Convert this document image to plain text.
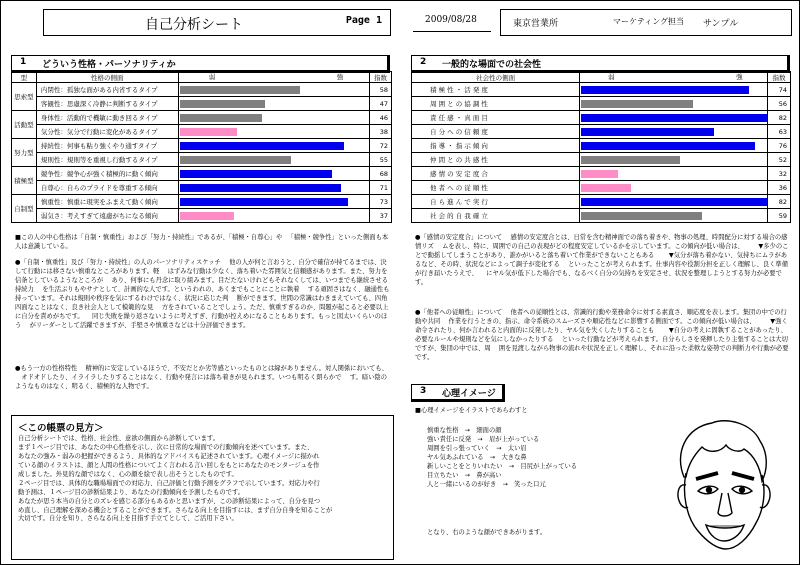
自己分析シート	Page 1	2009/08/28	東京営業所	マーケティング担当 サンプル
1 どういう性格・パーソナリティか
型	性格の側面	弱 強	指数
思索型	内閉性：孤独な面がある内省するタイプ		58
	客観性：思慮深く冷静に判断するタイプ		47
活動型	身体性：活動的で機敏に動き回るタイプ		46
	気分性：気分で行動に変化があるタイプ		38
努力型	持続性：何事も粘り強くやり通すタイプ		72
	規則性：規則等を重視し行動するタイプ		55
積極型	競争性：競争心が強く積極的に動く傾向		68
	自尊心：自らのプライドを尊重する傾向		71
自制型	慎重性：慎重に現実をふまえて動く傾向		73
	弱気さ：考えすぎて遠慮がちになる傾向		37
■この人の中心性格は「自制・慎重性」および「努力・持続性」であるが、「積極・自尊心」や 　「積極・競争性」といった側面も本人は意識している。
●「自制・慎重性」及び「努力・持続性」の人のパーソナリティスケッチ 　他の人が何と言おうと、自分で確信が持てるまでは、決して行動には移さない慎重なところがあります。軽 　はずみな行動は少なく、落ち着いた雰囲気と信頼感があります。また、努力を信条としているようなところが 　あり、何事にも丹念に取り組みます。目だたないけれどもそれなくしては、いつまでも継続させる持続力 　を生活ぶりもやサナとして、計画的な人です。というわれの、あくまでもことにことに執着 　する頑固さはなく、融通性も持っています。それは規則や秩序を気にするわけではなく、状況に応じた判 　断ができます。世間の常識はわきまえていても、四角四面なことはなく、良き社会人として模範的な見 　方をされていることでしょう。ただ、慎重すぎるのか、問題が起こると必要以上に自分を責めがちです。 　同じ失敗を繰り返さないように考えすぎ、行動が控えめになることもあります。もっと図太いくらいのほう 　がリーダーとして活躍できますが、手堅さや慎重さなどは十分評価できます。
●もう一方の性格特性 　精神的に安定しているほうで、不安だとか劣等感といったものとは縁がありません。対人関係においても、 　オドオドしたり、イライラしたりすることはなく、行動や発言には落ち着きが見られます。いつも明るく朗らかで 　す。暗い陰のようなものはなく、明るく、積極的な人物です。
＜この帳票の見方＞
自己分析シートでは、性格、社会性、意欲の側面から診断しています。
まず１ページ目では、あなたの中心性格を示し、次に日常的な場面での行動傾向を述べています。また、
あなたの強み・弱みの把握ができるよう、具体的なアドバイスも記述されています。心理イメージに描かれ
ている顔のイラストは、顔と人間の性格についてよく言われる言い回しをもとにあなたのモンタージュを作
成しました。外見的な顔ではなく、心の顔を絵で表し出そうとしたものです。
２ページ目では、具体的な職場場面での対応力、自己評価と行動予測をグラフで示しています。対応力や行
動予測は、１ページ目の診断結果より、あなたの行動傾向を予測したものです。
あなたが思う本当の自分とのズレを感じる部分もあるかと思いますが、この診断結果によって、自分を見つ
め直し、自己理解を深める機会とすることができます。さらなる向上を目指すには、まず自分自身を知ることが
大切です。自分を知り、さらなる向上を目指す手立てとして、ご活用下さい。
2 一般的な場面での社会性
社会性の側面	弱 強	指数
積 極 性 ・ 活 発 度		74
周 囲 と の 協 調 性		56
責 任 感 ・ 真 面 目		82
自 分 へ の 信 頼 度		63
指 導 ・ 指 示 傾 向		76
仲 間 と の 共 感 性		52
感 情 の 安 定 度 合		32
他 者 へ の 従 順 性		36
自 ら 進 ん で 実 行		82
社 会 的 自 我 確 立		59
●「感情の安定度合」について 　感情の安定度合とは、日常を含む精神面での落ち着きや、物事の処理、時間配分に対する場合の感情リズ 　ムを表し、特に、周囲での自己の表現がどの程度安定しているかを示しています。この傾向が低い場合は、 　　▼多少のことで動揺してしまうことがあり、誰かがいると落ち着いて作業ができないこともある 　　▼気分が落ち着かない、気持ちにムラがあるなど、その時、状況などによって調子が変化する 　といったことが考えられます。仕事内容や役割分担を正しく理解し、良く準備が行き届いたうえで、 　にヤル気が低下した場合でも、なるべく自分の気持ちを安定させ、状況を整理しようとする努力が必要です。
●「他者への従順性」について 　他者への従順性とは、常識的行動や業務命令に対する素直さ、順応度を表します。集団の中での行動や共同 　作業を行うときの、指示、命令系統のスムーズさや順応性などに影響する側面です。この傾向が低い場合は、 　　▼強く命令されたり、何か言われると内面的に反発したり、ヤル気を失くしたりすることも 　　▼自分の考えに固執することがあったり、必要なルールや規則などを気にしなかったりする 　といった行動などが考えられます。自分らしさを発揮したり主張することは大切ですが、集団の中では、周 　囲を見渡しながら物事の流れや状況を正しく理解し、それに沿った柔軟な姿勢での判断力や行動が必要です。
3 心理イメージ
■心理イメージをイラストであらわすと
慎重な性格　→　細面の顔
強い責任に反発　→　眉が上がっている
周囲を引っ張っていく　→　太い眉
ヤル気あふれている　→　大きな鼻
新しいことをとりいれたい　→　目尻が上がっている
目立ちたい　→　鼻が高い
人と一緒にいるのが好き　→　笑った口元
となり、右のような顔ができあがります。
